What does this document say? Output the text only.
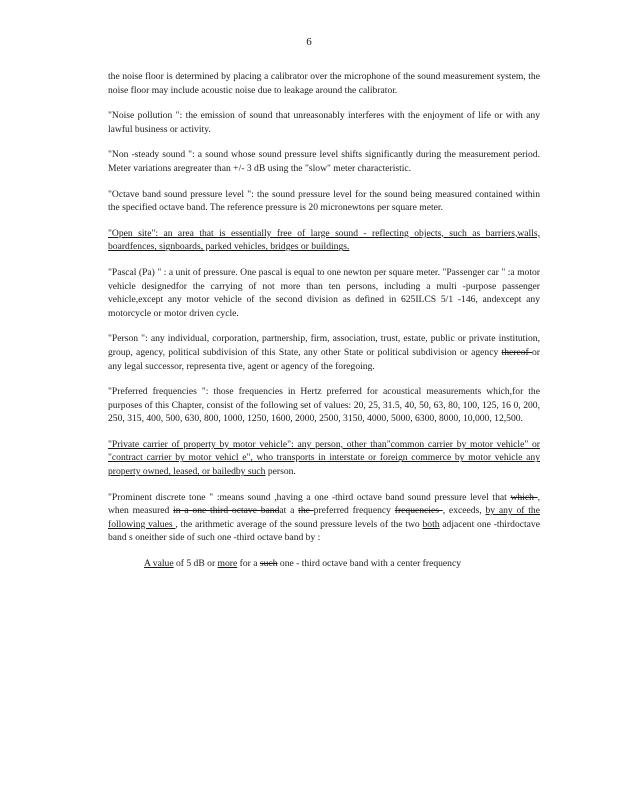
6

the noise floor is determined by placing a calibrator over the microphone of the sound measurement system, the noise floor may include acoustic noise due to leakage around the calibrator.

"Noise pollution ": the emission of sound that unreasonably interferes with the enjoyment of life or with any lawful business or activity.

"Non -steady sound ": a sound whose sound pressure level shifts significantly during the measurement period. Meter variations aregreater than +/- 3 dB using the "slow" meter characteristic.

"Octave band sound pressure level ": the sound pressure level for the sound being measured contained within the specified octave band. The reference pressure is 20 micronewtons per square meter.

"Open site": an area that is essentially free of large sound - reflecting objects, such as barriers,walls, boardfences, signboards, parked vehicles, bridges or buildings.

"Pascal (Pa) " : a unit of pressure. One pascal is equal to one newton per square meter. "Passenger car " :a motor vehicle designedfor the carrying of not more than ten persons, including a multi -purpose passenger vehicle,except any motor vehicle of the second division as defined in 625ILCS 5/1 -146, andexcept any motorcycle or motor driven cycle.

"Person ": any individual, corporation, partnership, firm, association, trust, estate, public or private institution, group, agency, political subdivision of this State, any other State or political subdivision or agency thereof or any legal successor, representa tive, agent or agency of the foregoing.

"Preferred frequencies ": those frequencies in Hertz preferred for acoustical measurements which,for the purposes of this Chapter, consist of the following set of values: 20, 25, 31.5, 40, 50, 63, 80, 100, 125, 16 0, 200, 250, 315, 400, 500, 630, 800, 1000, 1250, 1600, 2000, 2500, 3150, 4000, 5000, 6300, 8000, 10,000, 12,500.

"Private carrier of property by motor vehicle": any person, other than"common carrier by motor vehicle" or "contract carrier by motor vehicl e", who transports in interstate or foreign commerce by motor vehicle any property owned, leased, or bailedby such person.

"Prominent discrete tone " :means sound ,having a one -third octave band sound pressure level that which , when measured in a one third octave bandat a the preferred frequency frequencies , exceeds, by any of the following values , the arithmetic average of the sound pressure levels of the two both adjacent one -thirdoctave band s oneither side of such one -third octave band by :

A value of 5 dB or more for a such one - third octave band with a center frequency
